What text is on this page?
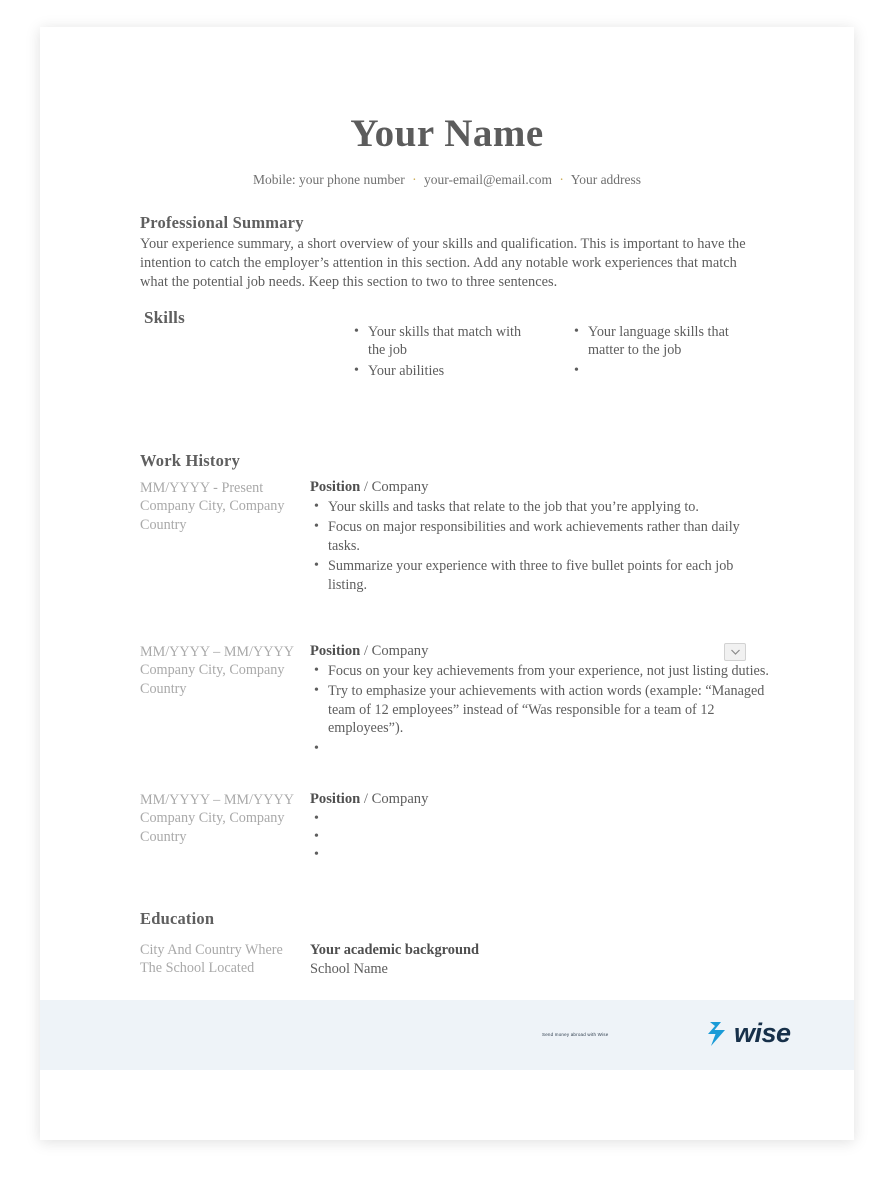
Your Name
Mobile: your phone number · your-email@email.com · Your address
Professional Summary
Your experience summary, a short overview of your skills and qualification. This is important to have the intention to catch the employer’s attention in this section. Add any notable work experiences that match what the potential job needs. Keep this section to two to three sentences.
Skills
• Your skills that match with the job
• Your abilities
• Your language skills that matter to the job
•
Work History
MM/YYYY - Present
Company City, Company Country
Position / Company
• Your skills and tasks that relate to the job that you’re applying to.
• Focus on major responsibilities and work achievements rather than daily tasks.
• Summarize your experience with three to five bullet points for each job listing.
MM/YYYY – MM/YYYY
Company City, Company Country
Position / Company
• Focus on your key achievements from your experience, not just listing duties.
• Try to emphasize your achievements with action words (example: “Managed team of 12 employees” instead of “Was responsible for a team of 12 employees”).
•
MM/YYYY – MM/YYYY
Company City, Company Country
Position / Company
•
•
•
Education
City And Country Where The School Located
Your academic background
School Name
Send money abroad with Wise	wise
